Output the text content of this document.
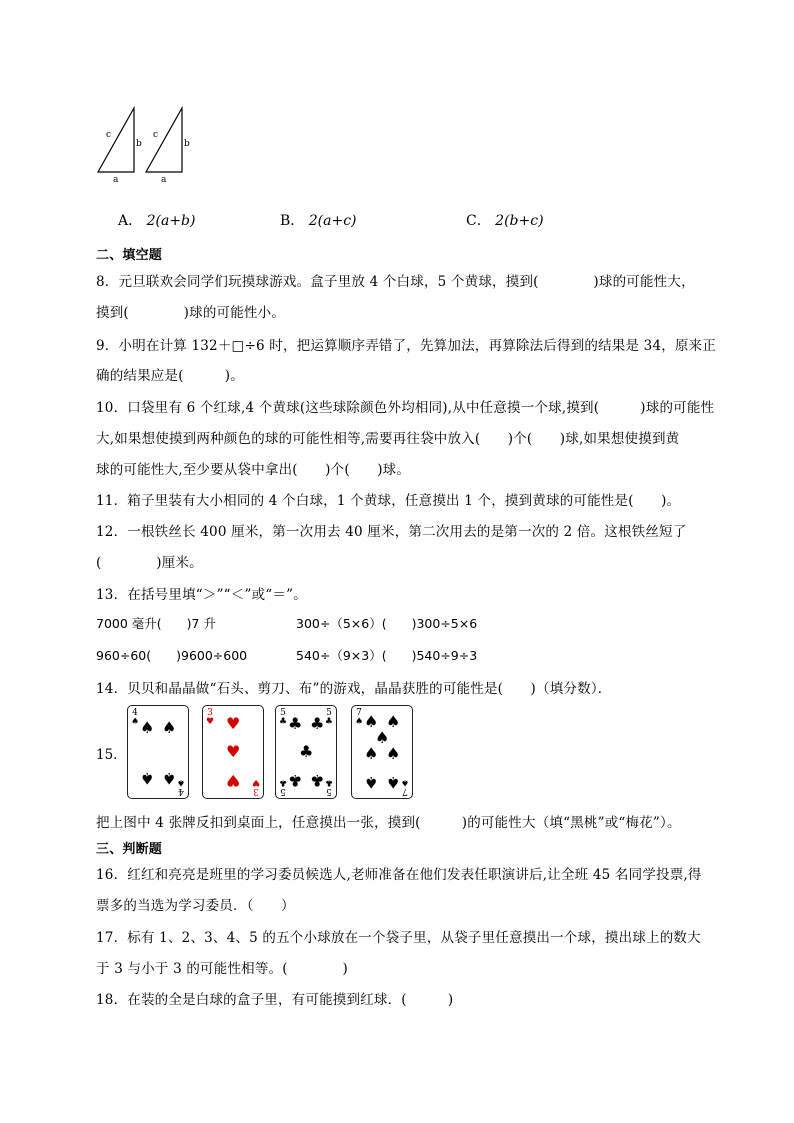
c
b
a
c
b
a
A． 2(a+b)	B． 2(a+c)	C． 2(b+c)
二、填空题
8．元旦联欢会同学们玩摸球游戏。盒子里放 4 个白球，5 个黄球，摸到(　　　　)球的可能性大，
摸到(　　　　)球的可能性小。
9．小明在计算 132＋□÷6 时，把运算顺序弄错了，先算加法，再算除法后得到的结果是 34，原来正
确的结果应是(　　　)。
10．口袋里有 6 个红球,4 个黄球(这些球除颜色外均相同),从中任意摸一个球,摸到(　　　)球的可能性
大,如果想使摸到两种颜色的球的可能性相等,需要再往袋中放入(　　)个(　　)球,如果想使摸到黄
球的可能性大,至少要从袋中拿出(　　)个(　　)球。
11．箱子里装有大小相同的 4 个白球，1 个黄球，任意摸出 1 个，摸到黄球的可能性是(　　)。
12．一根铁丝长 400 厘米，第一次用去 40 厘米，第二次用去的是第一次的 2 倍。这根铁丝短了
(　　　　)厘米。
13．在括号里填“＞”“＜”或“＝”。
7000 毫升(　　)7 升	300÷（5×6）(　　)300÷5×6
960÷60(　　)9600÷600	540÷（9×3）(　　)540÷9÷3
14．贝贝和晶晶做“石头、剪刀、布”的游戏，晶晶获胜的可能性是(　　)（填分数）．
15．
4
♠ ♠ ♠
♠ ♠
4
♠
3
♥ ♥
♥
♥
3
♥
5
♣
5
♣
♣ ♣
♣
♣ ♣
5
♣
5
♣
7
♠ ♠ ♠
♠
♠ ♠
♠ ♠ 7
♠
把上图中 4 张牌反扣到桌面上，任意摸出一张，摸到(　　　)的可能性大（填“黑桃”或“梅花”）。
三、判断题
16．红红和亮亮是班里的学习委员候选人,老师准备在他们发表任职演讲后,让全班 45 名同学投票,得
票多的当选为学习委员．（　　）
17．标有 1、2、3、4、5 的五个小球放在一个袋子里，从袋子里任意摸出一个球，摸出球上的数大
于 3 与小于 3 的可能性相等。(　　　　)
18．在装的全是白球的盒子里，有可能摸到红球．(　　　)
